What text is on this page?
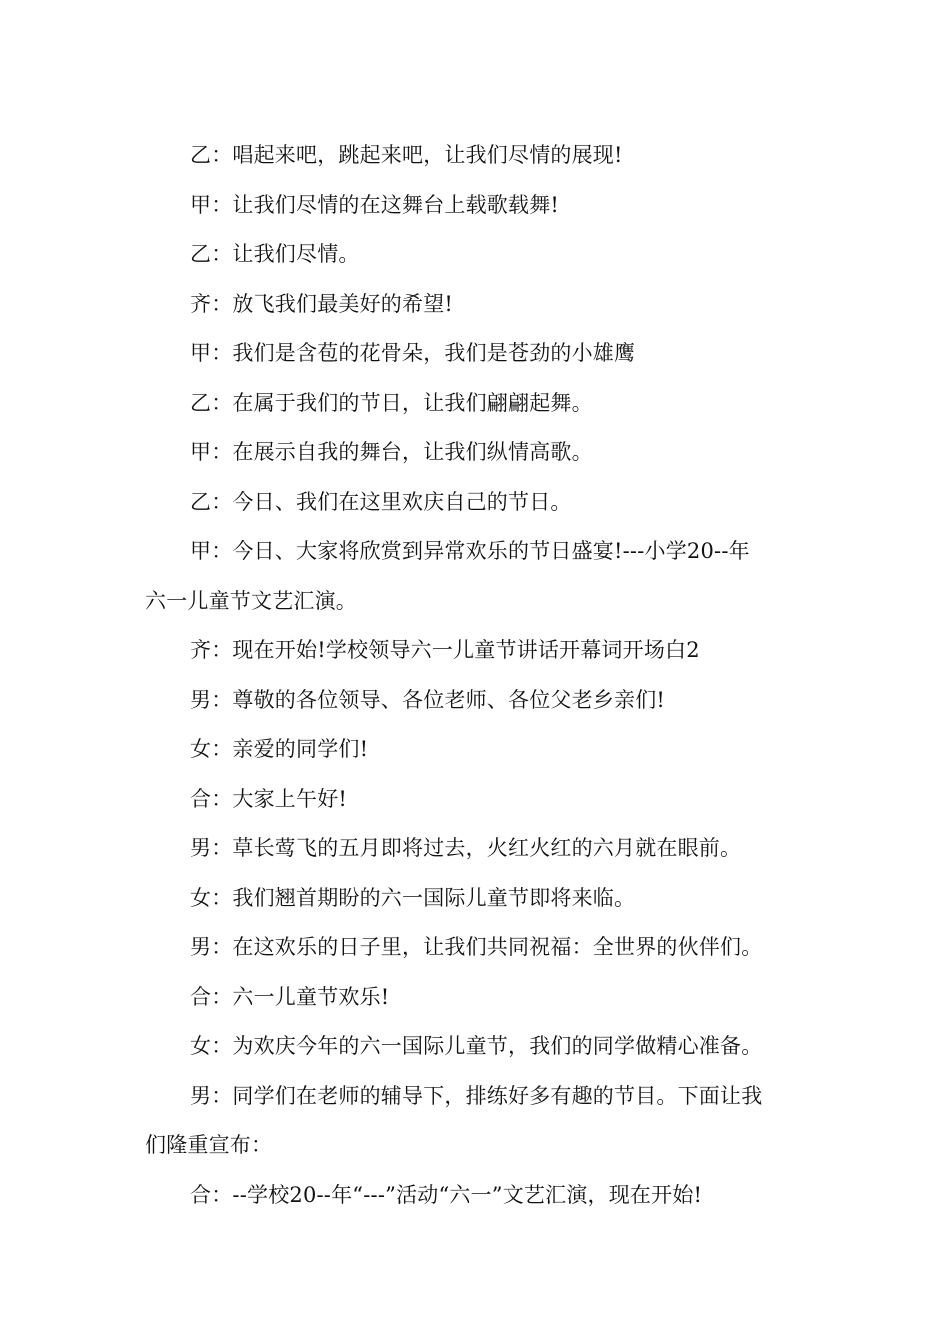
乙：唱起来吧，跳起来吧，让我们尽情的展现!
甲：让我们尽情的在这舞台上载歌载舞!
乙：让我们尽情。
齐：放飞我们最美好的希望!
甲：我们是含苞的花骨朵，我们是苍劲的小雄鹰
乙：在属于我们的节日，让我们翩翩起舞。
甲：在展示自我的舞台，让我们纵情高歌。
乙：今日、我们在这里欢庆自己的节日。
甲：今日、大家将欣赏到异常欢乐的节日盛宴!---小学20--年
六一儿童节文艺汇演。
齐：现在开始!学校领导六一儿童节讲话开幕词开场白2
男：尊敬的各位领导、各位老师、各位父老乡亲们!
女：亲爱的同学们!
合：大家上午好!
男：草长莺飞的五月即将过去，火红火红的六月就在眼前。
女：我们翘首期盼的六一国际儿童节即将来临。
男：在这欢乐的日子里，让我们共同祝福：全世界的伙伴们。
合：六一儿童节欢乐!
女：为欢庆今年的六一国际儿童节，我们的同学做精心准备。
男：同学们在老师的辅导下，排练好多有趣的节目。下面让我
们隆重宣布：
合：--学校20--年“---”活动“六一”文艺汇演，现在开始!
